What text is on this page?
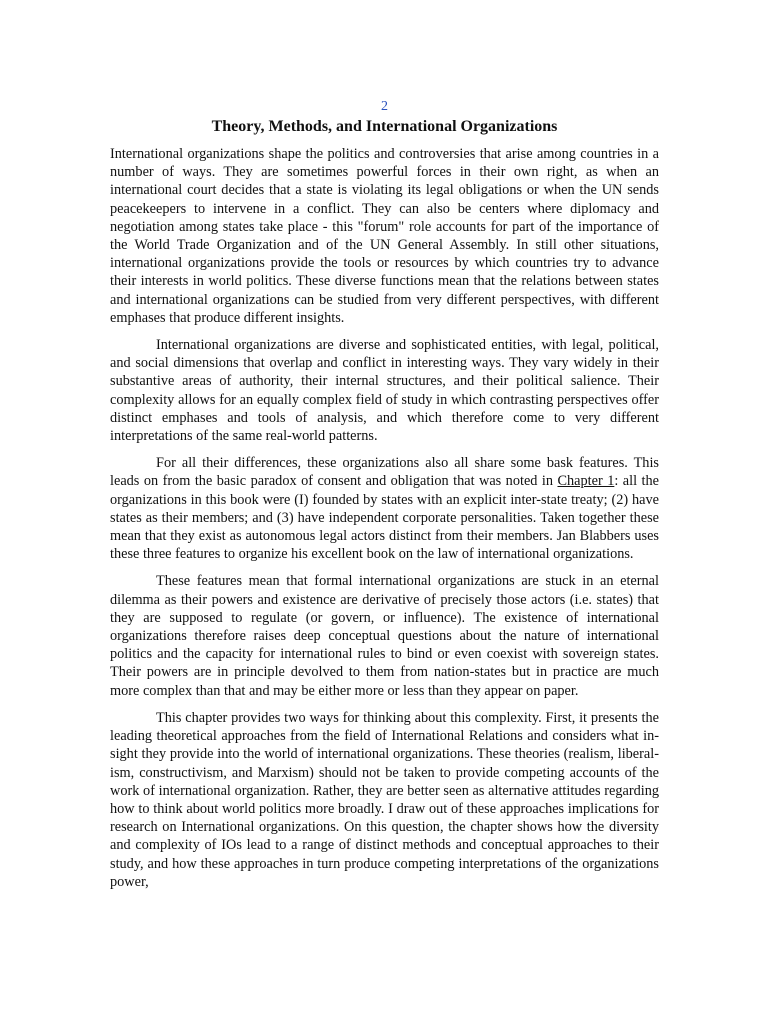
2

Theory, Methods, and International Organizations

International organizations shape the politics and controversies that arise among countries in a number of ways. They are sometimes powerful forces in their own right, as when an international court decides that a state is violating its legal obligations or when the UN sends peacekeepers to intervene in a conflict. They can also be centers where diplomacy and negotiation among states take place - this "forum" role accounts for part of the importance of the World Trade Organization and of the UN General Assembly. In still other situations, international organizations provide the tools or resources by which countries try to advance their interests in world politics. These diverse functions mean that the relations between states and international organizations can be studied from very different perspectives, with different emphases that produce different insights.

International organizations are diverse and sophisticated entities, with legal, political, and social dimensions that overlap and conflict in interesting ways. They vary widely in their substantive areas of authority, their internal structures, and their political salience. Their complexity allows for an equally complex field of study in which contrasting perspectives offer distinct emphases and tools of analysis, and which therefore come to very different interpretations of the same real-world patterns.

For all their differences, these organizations also all share some bask features. This leads on from the basic paradox of consent and obligation that was noted in Chapter 1: all the organizations in this book were (I) founded by states with an explicit inter-state treaty; (2) have states as their members; and (3) have independent corporate personalities. Taken together these mean that they exist as autonomous legal actors distinct from their members. Jan Blabbers uses these three features to organize his excellent book on the law of international organizations.

These features mean that formal international organizations are stuck in an eternal dilemma as their powers and existence are derivative of precisely those actors (i.e. states) that they are supposed to regulate (or govern, or influence). The existence of international organizations therefore raises deep conceptual questions about the nature of international politics and the capacity for international rules to bind or even coexist with sovereign states. Their powers are in principle devolved to them from nation-states but in practice are much more complex than that and may be either more or less than they appear on paper.

This chapter provides two ways for thinking about this complexity. First, it presents the leading theoretical approaches from the field of International Relations and considers what in-sight they provide into the world of international organizations. These theories (realism, liberal-ism, constructivism, and Marxism) should not be taken to provide competing accounts of the work of international organization. Rather, they are better seen as alternative attitudes regarding how to think about world politics more broadly. I draw out of these approaches implications for research on International organizations. On this question, the chapter shows how the diversity and complexity of IOs lead to a range of distinct methods and conceptual approaches to their study, and how these approaches in turn produce competing interpretations of the organizations power,
